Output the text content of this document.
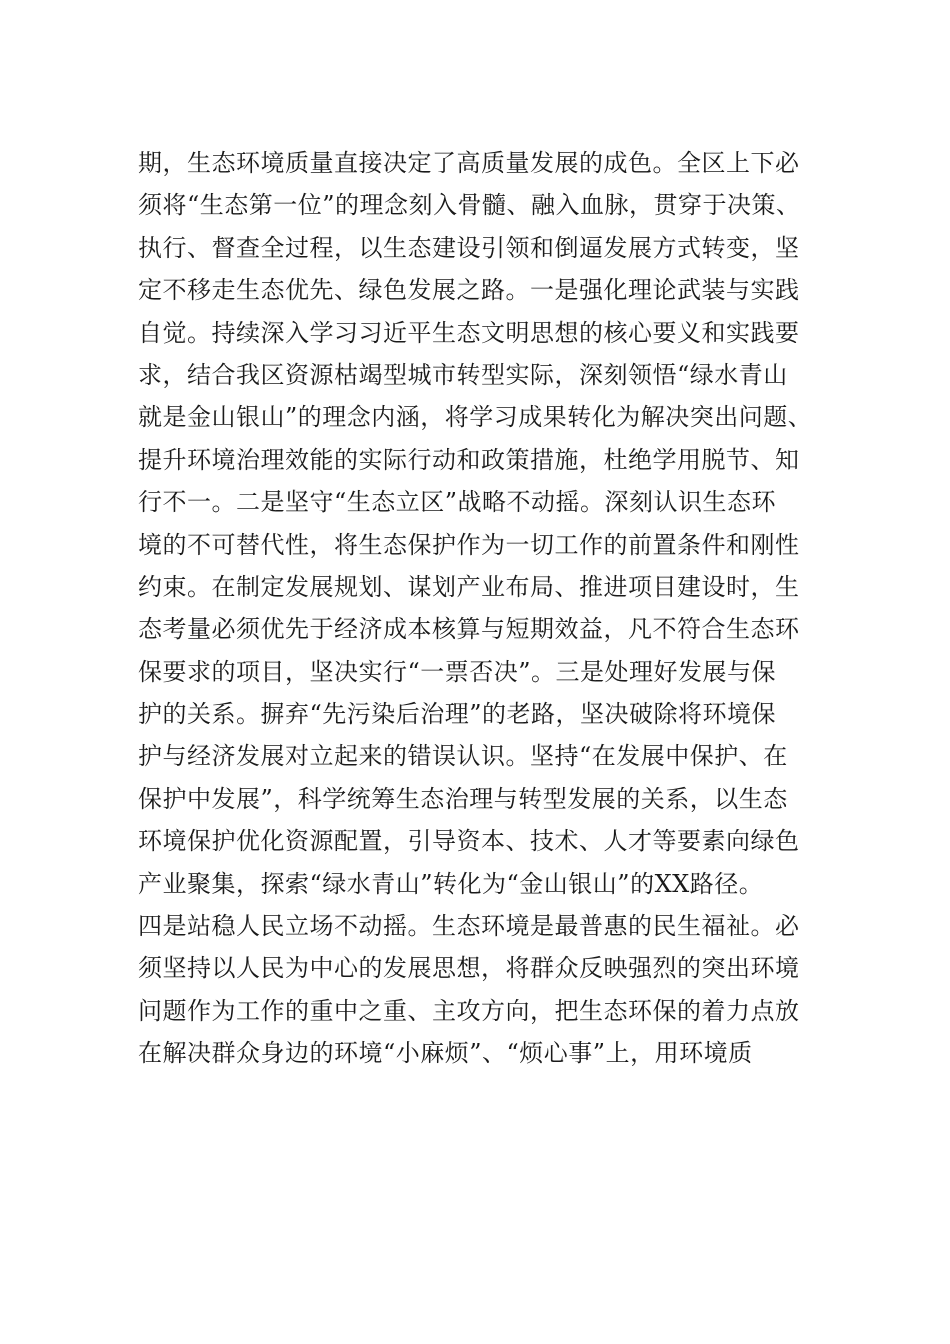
期，生态环境质量直接决定了高质量发展的成色。全区上下必
须将“生态第一位”的理念刻入骨髓、融入血脉，贯穿于决策、
执行、督查全过程，以生态建设引领和倒逼发展方式转变，坚
定不移走生态优先、绿色发展之路。一是强化理论武装与实践
自觉。持续深入学习习近平生态文明思想的核心要义和实践要
求，结合我区资源枯竭型城市转型实际，深刻领悟“绿水青山
就是金山银山”的理念内涵，将学习成果转化为解决突出问题、
提升环境治理效能的实际行动和政策措施，杜绝学用脱节、知
行不一。二是坚守“生态立区”战略不动摇。深刻认识生态环
境的不可替代性，将生态保护作为一切工作的前置条件和刚性
约束。在制定发展规划、谋划产业布局、推进项目建设时，生
态考量必须优先于经济成本核算与短期效益，凡不符合生态环
保要求的项目，坚决实行“一票否决”。三是处理好发展与保
护的关系。摒弃“先污染后治理”的老路，坚决破除将环境保
护与经济发展对立起来的错误认识。坚持“在发展中保护、在
保护中发展”，科学统筹生态治理与转型发展的关系，以生态
环境保护优化资源配置，引导资本、技术、人才等要素向绿色
产业聚集，探索“绿水青山”转化为“金山银山”的XX路径。
四是站稳人民立场不动摇。生态环境是最普惠的民生福祉。必
须坚持以人民为中心的发展思想，将群众反映强烈的突出环境
问题作为工作的重中之重、主攻方向，把生态环保的着力点放
在解决群众身边的环境“小麻烦”、“烦心事”上，用环境质
